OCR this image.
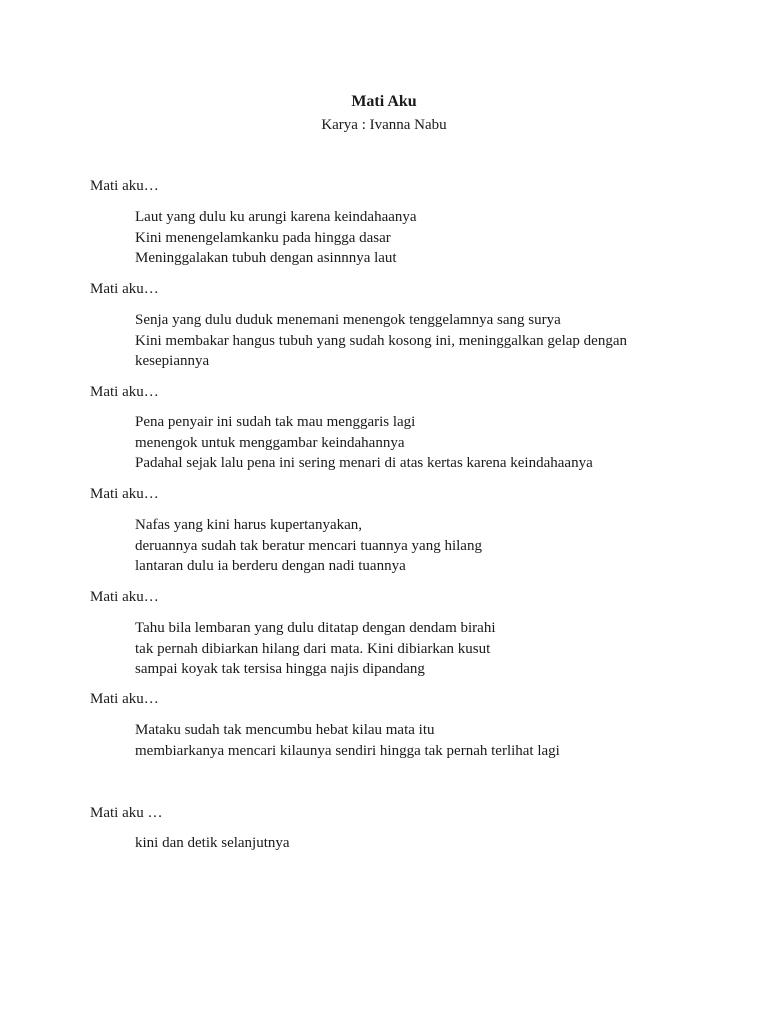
Mati Aku
Karya : Ivanna Nabu
Mati aku…
Laut yang dulu ku arungi karena keindahaanya
Kini menengelamkanku pada hingga dasar
Meninggalakan tubuh dengan asinnnya laut
Mati aku…
Senja yang dulu duduk menemani menengok tenggelamnya sang surya
Kini membakar hangus tubuh yang sudah kosong ini, meninggalkan gelap dengan
kesepiannya
Mati aku…
Pena penyair ini sudah tak mau menggaris lagi
menengok untuk menggambar keindahannya
Padahal sejak lalu pena ini sering menari di atas kertas karena keindahaanya
Mati aku…
Nafas yang kini harus kupertanyakan,
deruannya sudah tak beratur mencari tuannya yang hilang
lantaran dulu ia berderu dengan nadi tuannya
Mati aku…
Tahu bila lembaran yang dulu ditatap dengan dendam birahi
tak pernah dibiarkan hilang dari mata. Kini dibiarkan kusut
sampai koyak tak tersisa hingga najis dipandang
Mati aku…
Mataku sudah tak mencumbu hebat kilau mata itu
membiarkanya mencari kilaunya sendiri hingga tak pernah terlihat lagi
Mati aku …
kini dan detik selanjutnya
